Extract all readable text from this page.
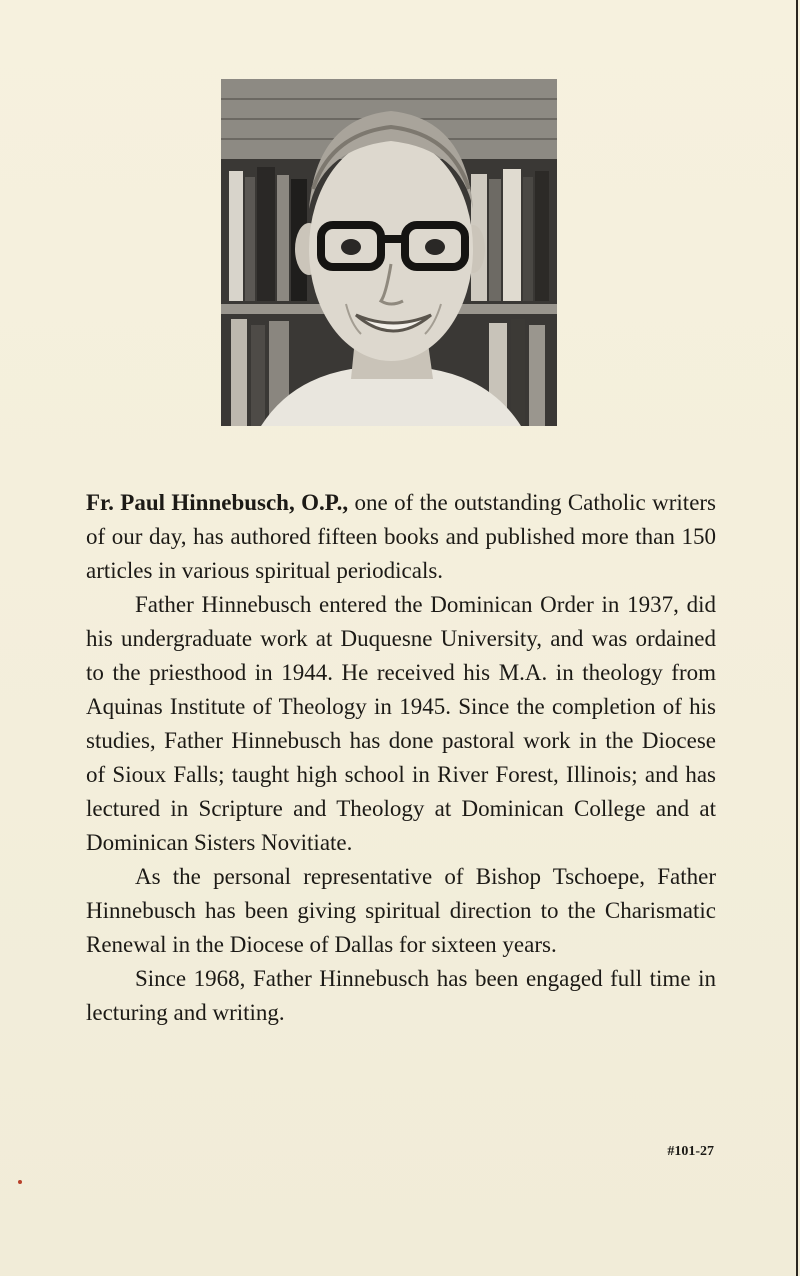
Fr. Paul Hinnebusch, O.P., one of the outstanding Catholic writers of our day, has authored fifteen books and published more than 150 articles in various spiritual periodicals.

Father Hinnebusch entered the Dominican Order in 1937, did his undergraduate work at Duquesne University, and was ordained to the priesthood in 1944. He received his M.A. in theology from Aquinas Institute of Theology in 1945. Since the completion of his studies, Father Hinnebusch has done pastoral work in the Diocese of Sioux Falls; taught high school in River Forest, Illinois; and has lectured in Scripture and Theology at Dominican College and at Dominican Sisters Novitiate.

As the personal representative of Bishop Tschoepe, Father Hinnebusch has been giving spiritual direction to the Charismatic Renewal in the Diocese of Dallas for sixteen years.

Since 1968, Father Hinnebusch has been engaged full time in lecturing and writing.

#101-27
